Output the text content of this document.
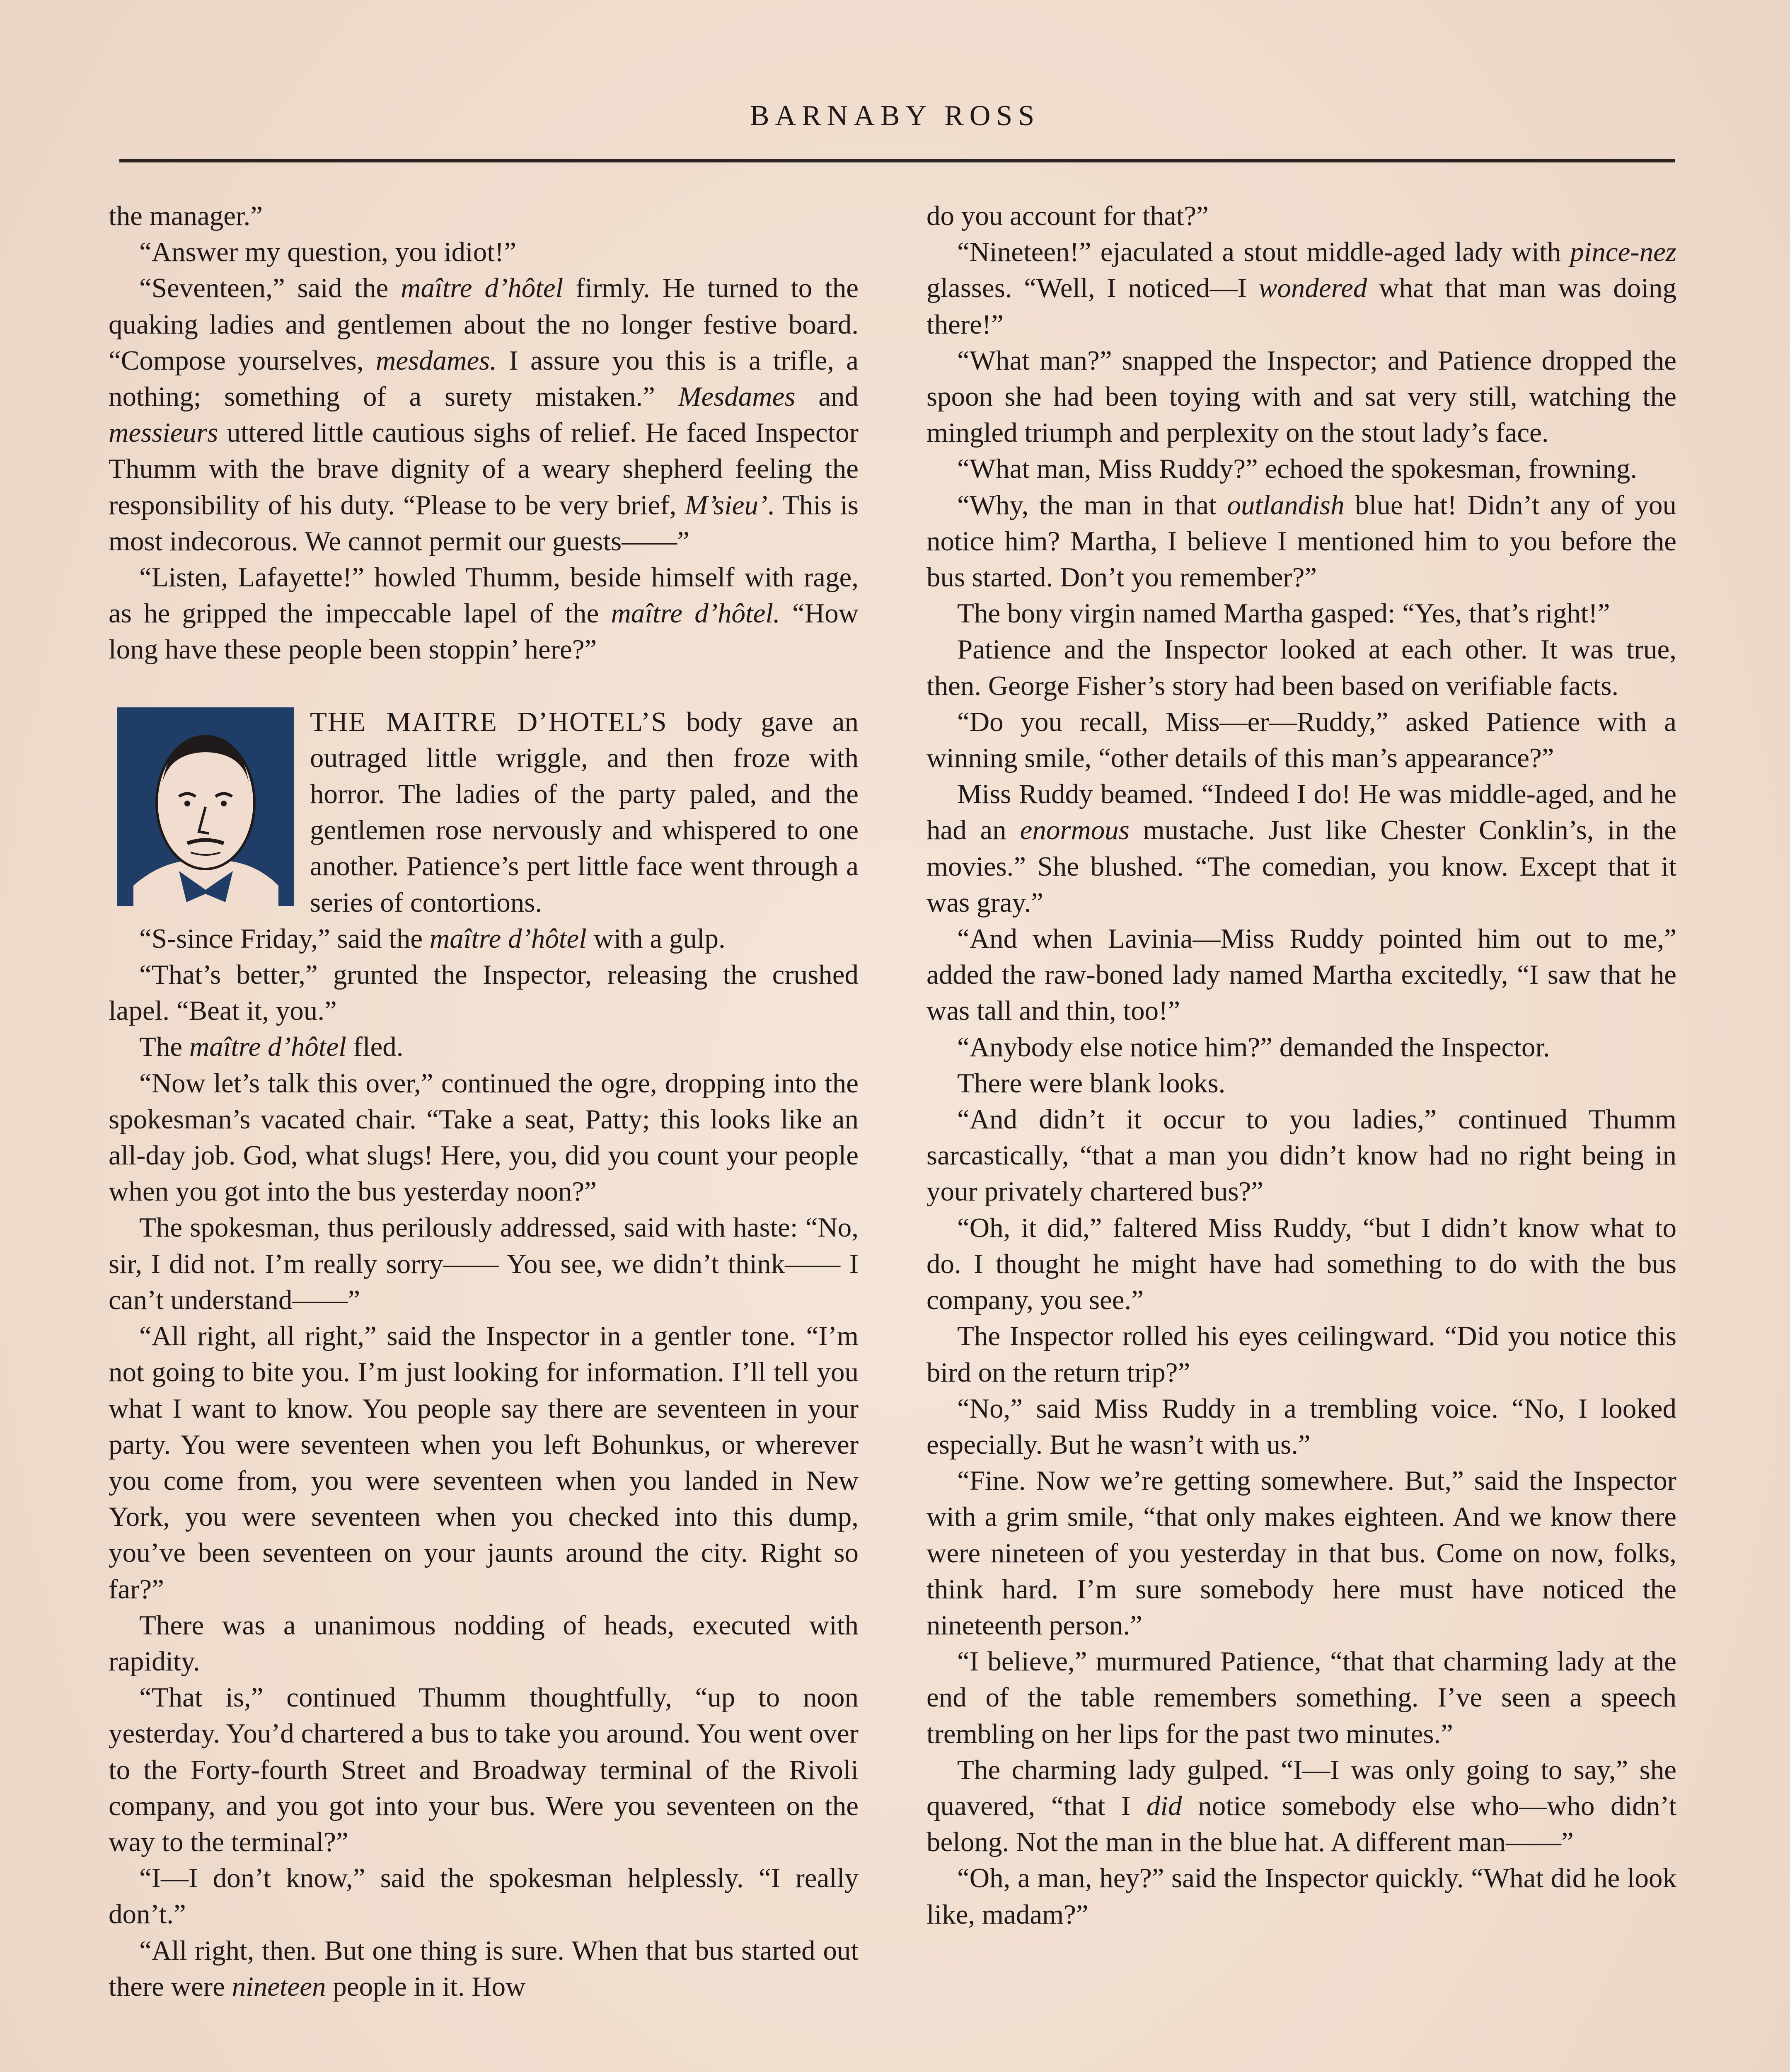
BARNABY ROSS

the manager.”

“Answer my question, you idiot!”

“Seventeen,” said the maître d’hôtel firmly. He turned to the quaking ladies and gentlemen about the no longer festive board. “Compose yourselves, mesdames. I assure you this is a trifle, a nothing; something of a surety mistaken.” Mesdames and messieurs uttered little cautious sighs of relief. He faced Inspector Thumm with the brave dignity of a weary shepherd feeling the responsibility of his duty. “Please to be very brief, M’sieu’. This is most indecorous. We cannot permit our guests——”

“Listen, Lafayette!” howled Thumm, beside himself with rage, as he gripped the impeccable lapel of the maître d’hôtel. “How long have these people been stoppin’ here?”

THE MAITRE D’HOTEL’S body gave an outraged little wriggle, and then froze with horror. The ladies of the party paled, and the gentlemen rose nervously and whispered to one another. Patience’s pert little face went through a series of contortions.

“S-since Friday,” said the maître d’hôtel with a gulp.

“That’s better,” grunted the Inspector, releasing the crushed lapel. “Beat it, you.”

The maître d’hôtel fled.

“Now let’s talk this over,” continued the ogre, dropping into the spokesman’s vacated chair. “Take a seat, Patty; this looks like an all-day job. God, what slugs! Here, you, did you count your people when you got into the bus yesterday noon?”

The spokesman, thus perilously addressed, said with haste: “No, sir, I did not. I’m really sorry—— You see, we didn’t think—— I can’t understand——”

“All right, all right,” said the Inspector in a gentler tone. “I’m not going to bite you. I’m just looking for information. I’ll tell you what I want to know. You people say there are seventeen in your party. You were seventeen when you left Bohunkus, or wherever you come from, you were seventeen when you landed in New York, you were seventeen when you checked into this dump, you’ve been seventeen on your jaunts around the city. Right so far?”

There was a unanimous nodding of heads, executed with rapidity.

“That is,” continued Thumm thoughtfully, “up to noon yesterday. You’d chartered a bus to take you around. You went over to the Forty-fourth Street and Broadway terminal of the Rivoli company, and you got into your bus. Were you seventeen on the way to the terminal?”

“I—I don’t know,” said the spokesman helplessly. “I really don’t.”

“All right, then. But one thing is sure. When that bus started out there were nineteen people in it. How

do you account for that?”

“Nineteen!” ejaculated a stout middle-aged lady with pince-nez glasses. “Well, I noticed—I wondered what that man was doing there!”

“What man?” snapped the Inspector; and Patience dropped the spoon she had been toying with and sat very still, watching the mingled triumph and perplexity on the stout lady’s face.

“What man, Miss Ruddy?” echoed the spokesman, frowning.

“Why, the man in that outlandish blue hat! Didn’t any of you notice him? Martha, I believe I mentioned him to you before the bus started. Don’t you remember?”

The bony virgin named Martha gasped: “Yes, that’s right!”

Patience and the Inspector looked at each other. It was true, then. George Fisher’s story had been based on verifiable facts.

“Do you recall, Miss—er—Ruddy,” asked Patience with a winning smile, “other details of this man’s appearance?”

Miss Ruddy beamed. “Indeed I do! He was middle-aged, and he had an enormous mustache. Just like Chester Conklin’s, in the movies.” She blushed. “The comedian, you know. Except that it was gray.”

“And when Lavinia—Miss Ruddy pointed him out to me,” added the raw-boned lady named Martha excitedly, “I saw that he was tall and thin, too!”

“Anybody else notice him?” demanded the Inspector.

There were blank looks.

“And didn’t it occur to you ladies,” continued Thumm sarcastically, “that a man you didn’t know had no right being in your privately chartered bus?”

“Oh, it did,” faltered Miss Ruddy, “but I didn’t know what to do. I thought he might have had something to do with the bus company, you see.”

The Inspector rolled his eyes ceilingward. “Did you notice this bird on the return trip?”

“No,” said Miss Ruddy in a trembling voice. “No, I looked especially. But he wasn’t with us.”

“Fine. Now we’re getting somewhere. But,” said the Inspector with a grim smile, “that only makes eighteen. And we know there were nineteen of you yesterday in that bus. Come on now, folks, think hard. I’m sure somebody here must have noticed the nineteenth person.”

“I believe,” murmured Patience, “that that charming lady at the end of the table remembers something. I’ve seen a speech trembling on her lips for the past two minutes.”

The charming lady gulped. “I—I was only going to say,” she quavered, “that I did notice somebody else who—who didn’t belong. Not the man in the blue hat. A different man——”

“Oh, a man, hey?” said the Inspector quickly. “What did he look like, madam?”
